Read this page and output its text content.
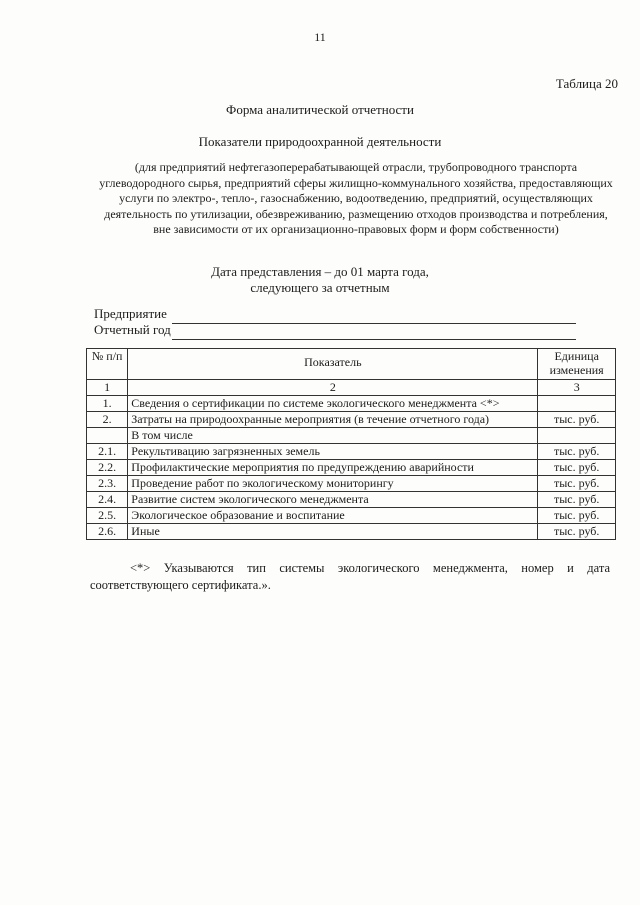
11
Таблица 20
Форма аналитической отчетности
Показатели природоохранной деятельности
(для предприятий нефтегазоперерабатывающей отрасли, трубопроводного транспорта углеводородного сырья, предприятий сферы жилищно-коммунального хозяйства, предоставляющих услуги по электро-, тепло-, газоснабжению, водоотведению, предприятий, осуществляющих деятельность по утилизации, обезвреживанию, размещению отходов производства и потребления, вне зависимости от их организационно-правовых форм и форм собственности)
Дата представления – до 01 марта года,
следующего за отчетным
Предприятие
Отчетный год
№ п/п	Показатель	Единица изменения
1	2	3
1.	Сведения о сертификации по системе экологического менеджмента <*>	
2.	Затраты на природоохранные мероприятия (в течение отчетного года)	тыс. руб.
	В том числе	
2.1.	Рекультивацию загрязненных земель	тыс. руб.
2.2.	Профилактические мероприятия по предупреждению аварийности	тыс. руб.
2.3.	Проведение работ по экологическому мониторингу	тыс. руб.
2.4.	Развитие систем экологического менеджмента	тыс. руб.
2.5.	Экологическое образование и воспитание	тыс. руб.
2.6.	Иные	тыс. руб.
<*> Указываются тип системы экологического менеджмента, номер и дата соответствующего сертификата.».
